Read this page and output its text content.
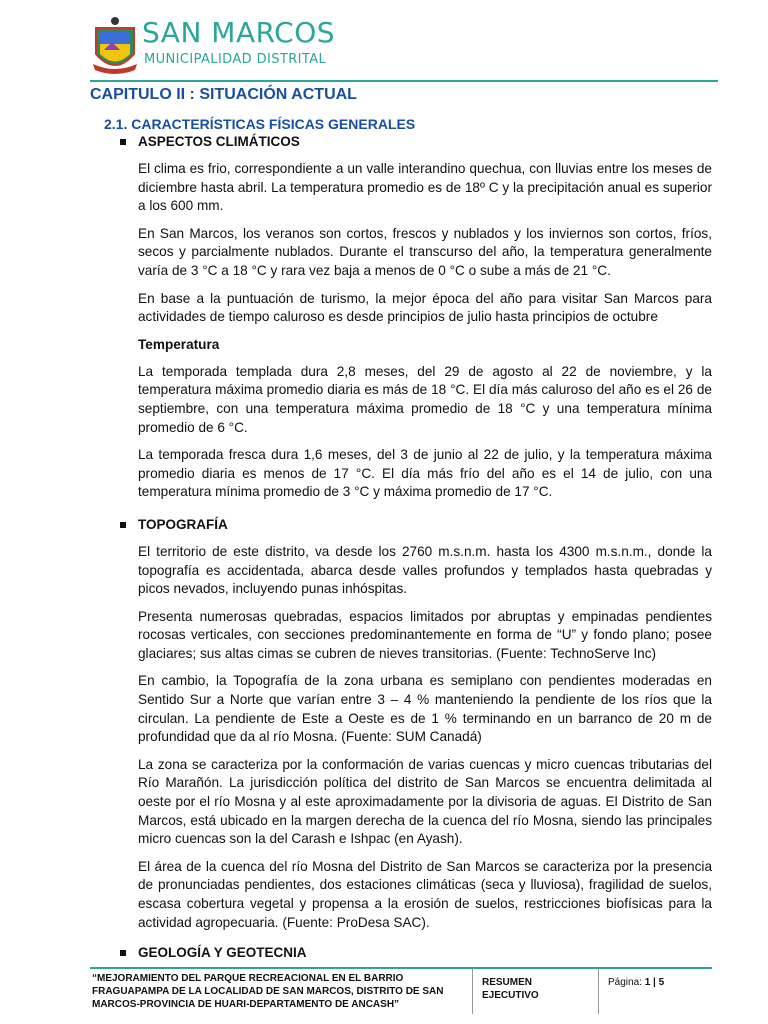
SAN MARCOS
MUNICIPALIDAD DISTRITAL

CAPITULO II : SITUACIÓN ACTUAL

2.1. CARACTERÍSTICAS FÍSICAS GENERALES

ASPECTOS CLIMÁTICOS

El clima es frio, correspondiente a un valle interandino quechua, con lluvias entre los meses de diciembre hasta abril. La temperatura promedio es de 18º C y la precipitación anual es superior a los 600 mm.

En San Marcos, los veranos son cortos, frescos y nublados y los inviernos son cortos, fríos, secos y parcialmente nublados. Durante el transcurso del año, la temperatura generalmente varía de 3 °C a 18 °C y rara vez baja a menos de 0 °C o sube a más de 21 °C.

En base a la puntuación de turismo, la mejor época del año para visitar San Marcos para actividades de tiempo caluroso es desde principios de julio hasta principios de octubre

Temperatura

La temporada templada dura 2,8 meses, del 29 de agosto al 22 de noviembre, y la temperatura máxima promedio diaria es más de 18 °C. El día más caluroso del año es el 26 de septiembre, con una temperatura máxima promedio de 18 °C y una temperatura mínima promedio de 6 °C.

La temporada fresca dura 1,6 meses, del 3 de junio al 22 de julio, y la temperatura máxima promedio diaria es menos de 17 °C. El día más frío del año es el 14 de julio, con una temperatura mínima promedio de 3 °C y máxima promedio de 17 °C.

TOPOGRAFÍA

El territorio de este distrito, va desde los 2760 m.s.n.m. hasta los 4300 m.s.n.m., donde la topografía es accidentada, abarca desde valles profundos y templados hasta quebradas y picos nevados, incluyendo punas inhóspitas.

Presenta numerosas quebradas, espacios limitados por abruptas y empinadas pendientes rocosas verticales, con secciones predominantemente en forma de “U” y fondo plano; posee glaciares; sus altas cimas se cubren de nieves transitorias. (Fuente: TechnoServe Inc)

En cambio, la Topografía de la zona urbana es semiplano con pendientes moderadas en Sentido Sur a Norte que varían entre 3 – 4 % manteniendo la pendiente de los ríos que la circulan. La pendiente de Este a Oeste es de 1 % terminando en un barranco de 20 m de profundidad que da al río Mosna. (Fuente: SUM Canadá)

La zona se caracteriza por la conformación de varias cuencas y micro cuencas tributarias del Río Marañón. La jurisdicción política del distrito de San Marcos se encuentra delimitada al oeste por el río Mosna y al este aproximadamente por la divisoria de aguas. El Distrito de San Marcos, está ubicado en la margen derecha de la cuenca del río Mosna, siendo las principales micro cuencas son la del Carash e Ishpac (en Ayash).

El área de la cuenca del río Mosna del Distrito de San Marcos se caracteriza por la presencia de pronunciadas pendientes, dos estaciones climáticas (seca y lluviosa), fragilidad de suelos, escasa cobertura vegetal y propensa a la erosión de suelos, restricciones biofísicas para la actividad agropecuaria. (Fuente: ProDesa SAC).

GEOLOGÍA Y GEOTECNIA

“MEJORAMIENTO DEL PARQUE RECREACIONAL EN EL BARRIO FRAGUAPAMPA DE LA LOCALIDAD DE SAN MARCOS, DISTRITO DE SAN MARCOS-PROVINCIA DE HUARI-DEPARTAMENTO DE ANCASH”
RESUMEN EJECUTIVO
Página: 1 | 5
